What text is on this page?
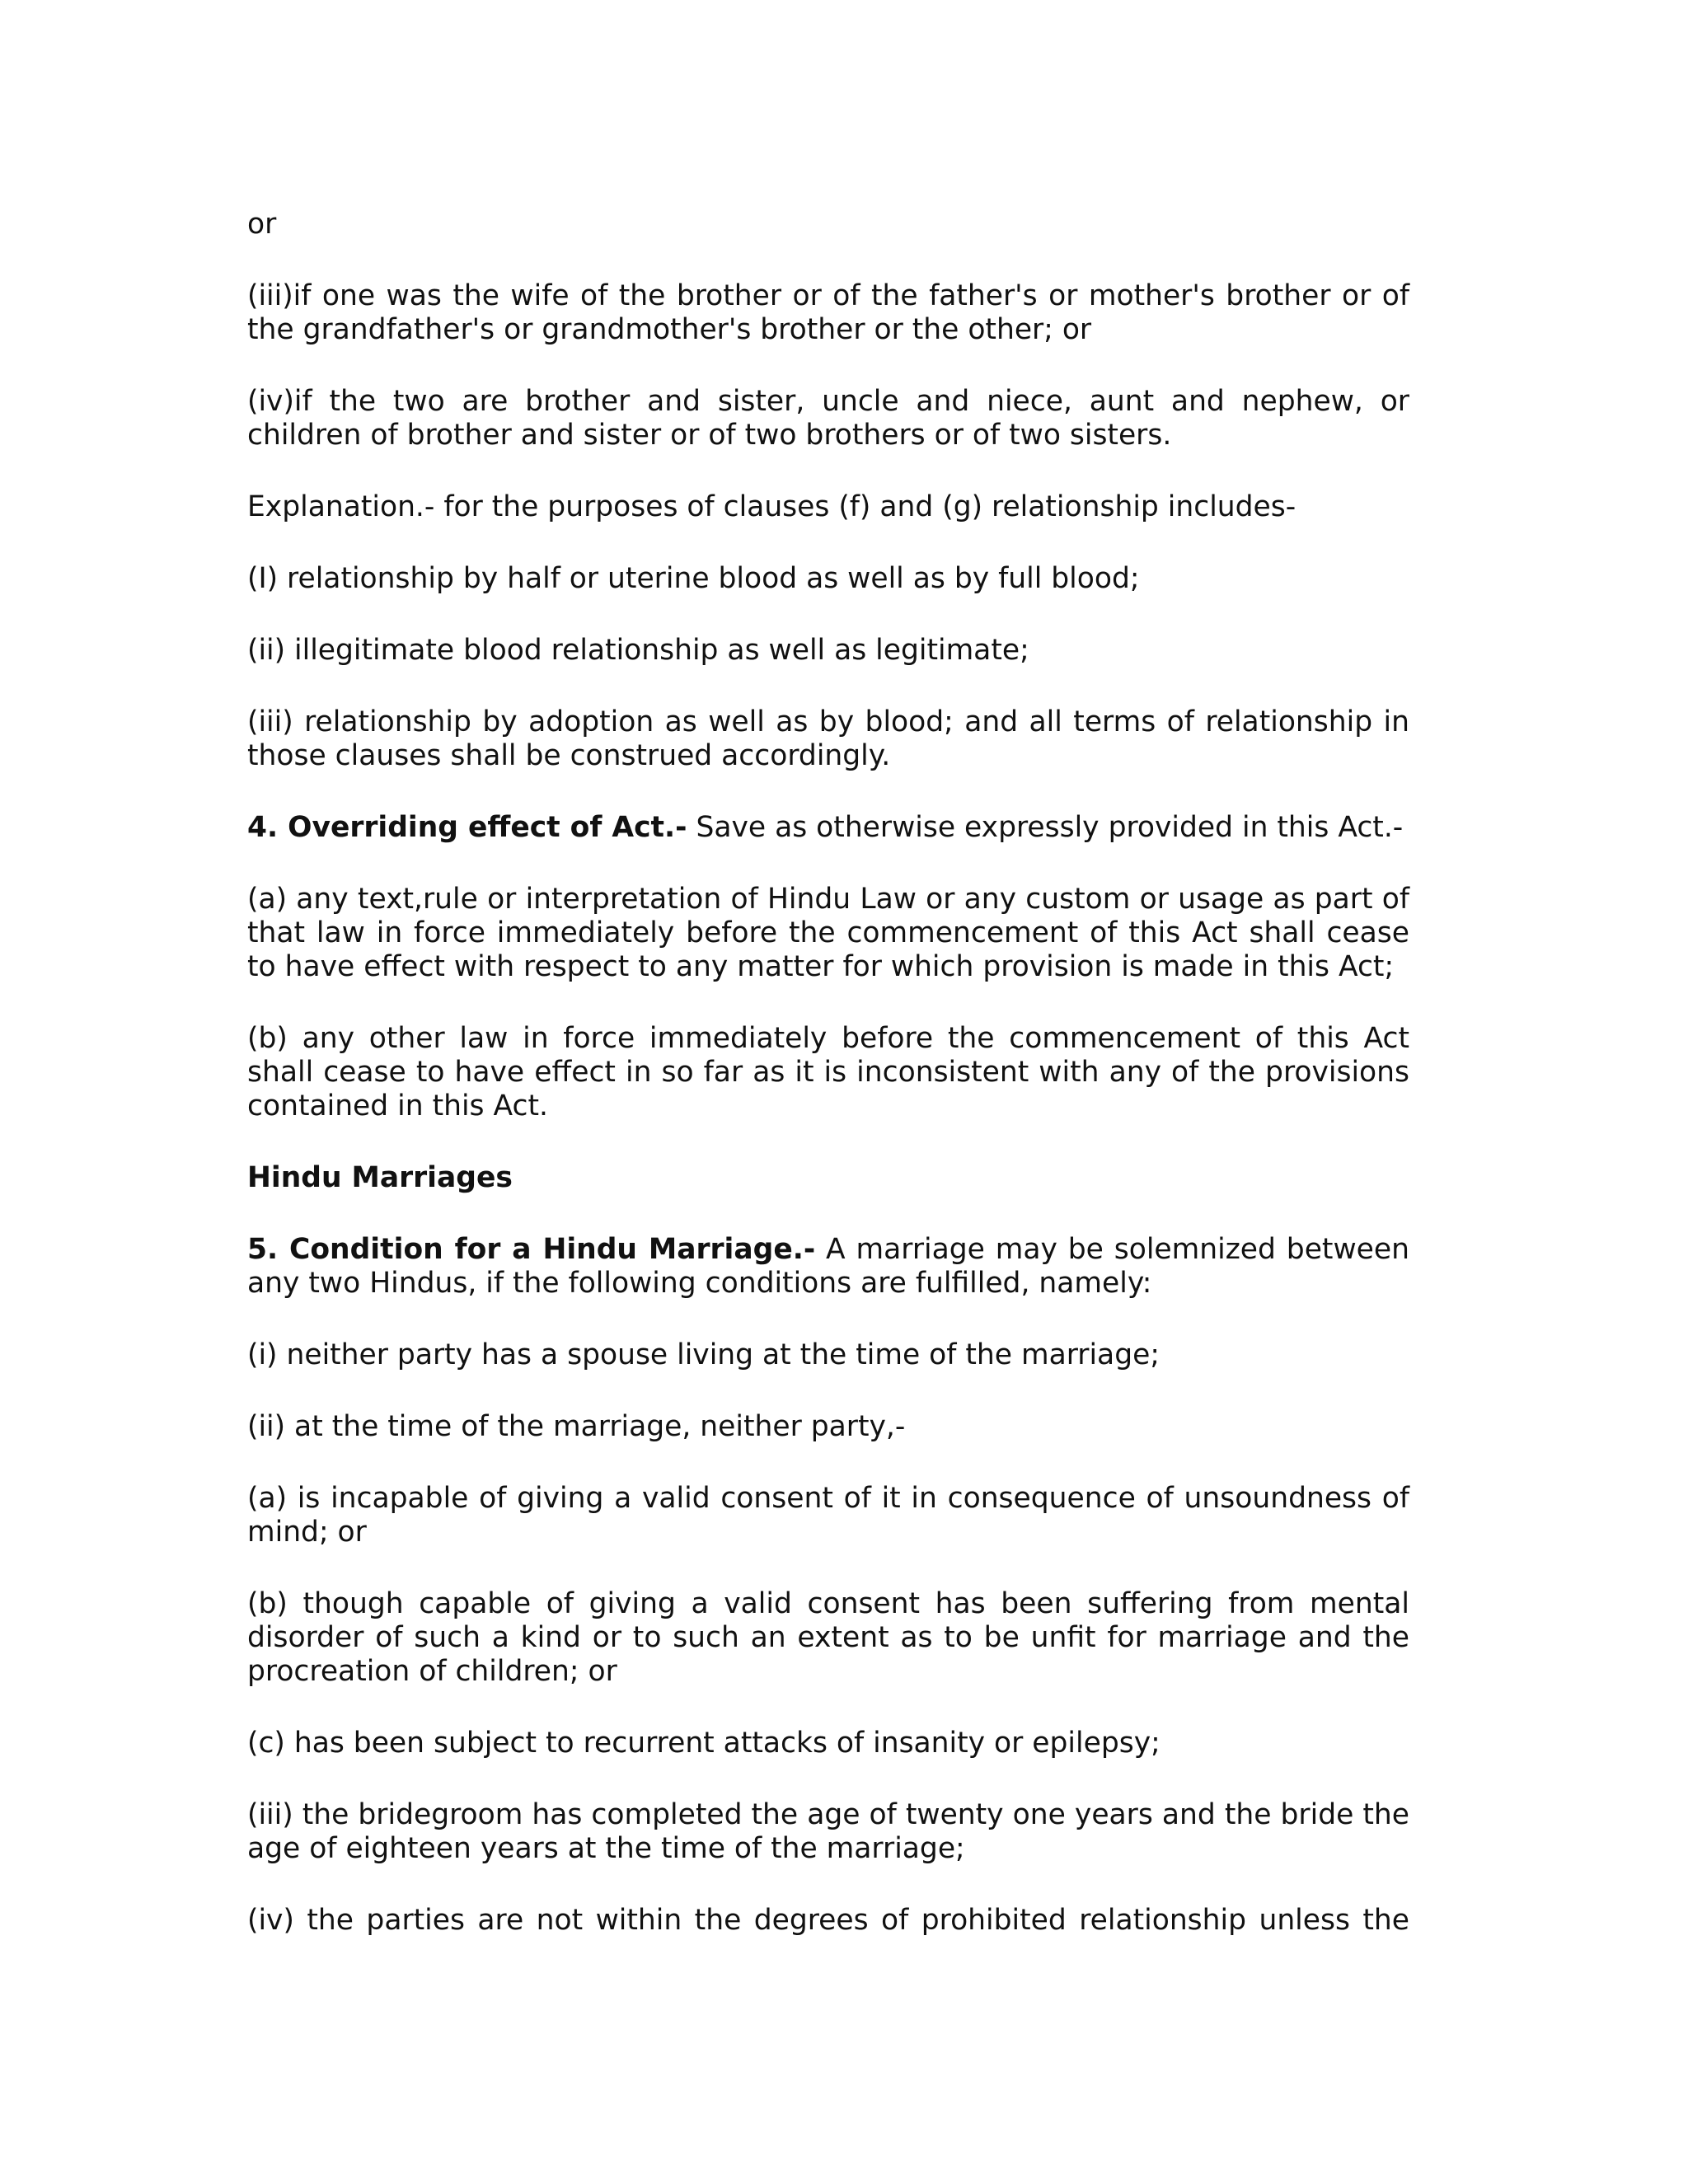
or

(iii)if one was the wife of the brother or of the father's or mother's brother or of the grandfather's or grandmother's brother or the other; or

(iv)if the two are brother and sister, uncle and niece, aunt and nephew, or children of brother and sister or of two brothers or of two sisters.

Explanation.- for the purposes of clauses (f) and (g) relationship includes-

(I) relationship by half or uterine blood as well as by full blood;

(ii) illegitimate blood relationship as well as legitimate;

(iii) relationship by adoption as well as by blood; and all terms of relationship in those clauses shall be construed accordingly.

4. Overriding effect of Act.- Save as otherwise expressly provided in this Act.-

(a) any text,rule or interpretation of Hindu Law or any custom or usage as part of that law in force immediately before the commencement of this Act shall cease to have effect with respect to any matter for which provision is made in this Act;

(b) any other law in force immediately before the commencement of this Act shall cease to have effect in so far as it is inconsistent with any of the provisions contained in this Act.

Hindu Marriages

5. Condition for a Hindu Marriage.- A marriage may be solemnized between any two Hindus, if the following conditions are fulfilled, namely:

(i) neither party has a spouse living at the time of the marriage;

(ii) at the time of the marriage, neither party,-

(a) is incapable of giving a valid consent of it in consequence of unsoundness of mind; or

(b) though capable of giving a valid consent has been suffering from mental disorder of such a kind or to such an extent as to be unfit for marriage and the procreation of children; or

(c) has been subject to recurrent attacks of insanity or epilepsy;

(iii) the bridegroom has completed the age of twenty one years and the bride the age of eighteen years at the time of the marriage;

(iv) the parties are not within the degrees of prohibited relationship unless the
